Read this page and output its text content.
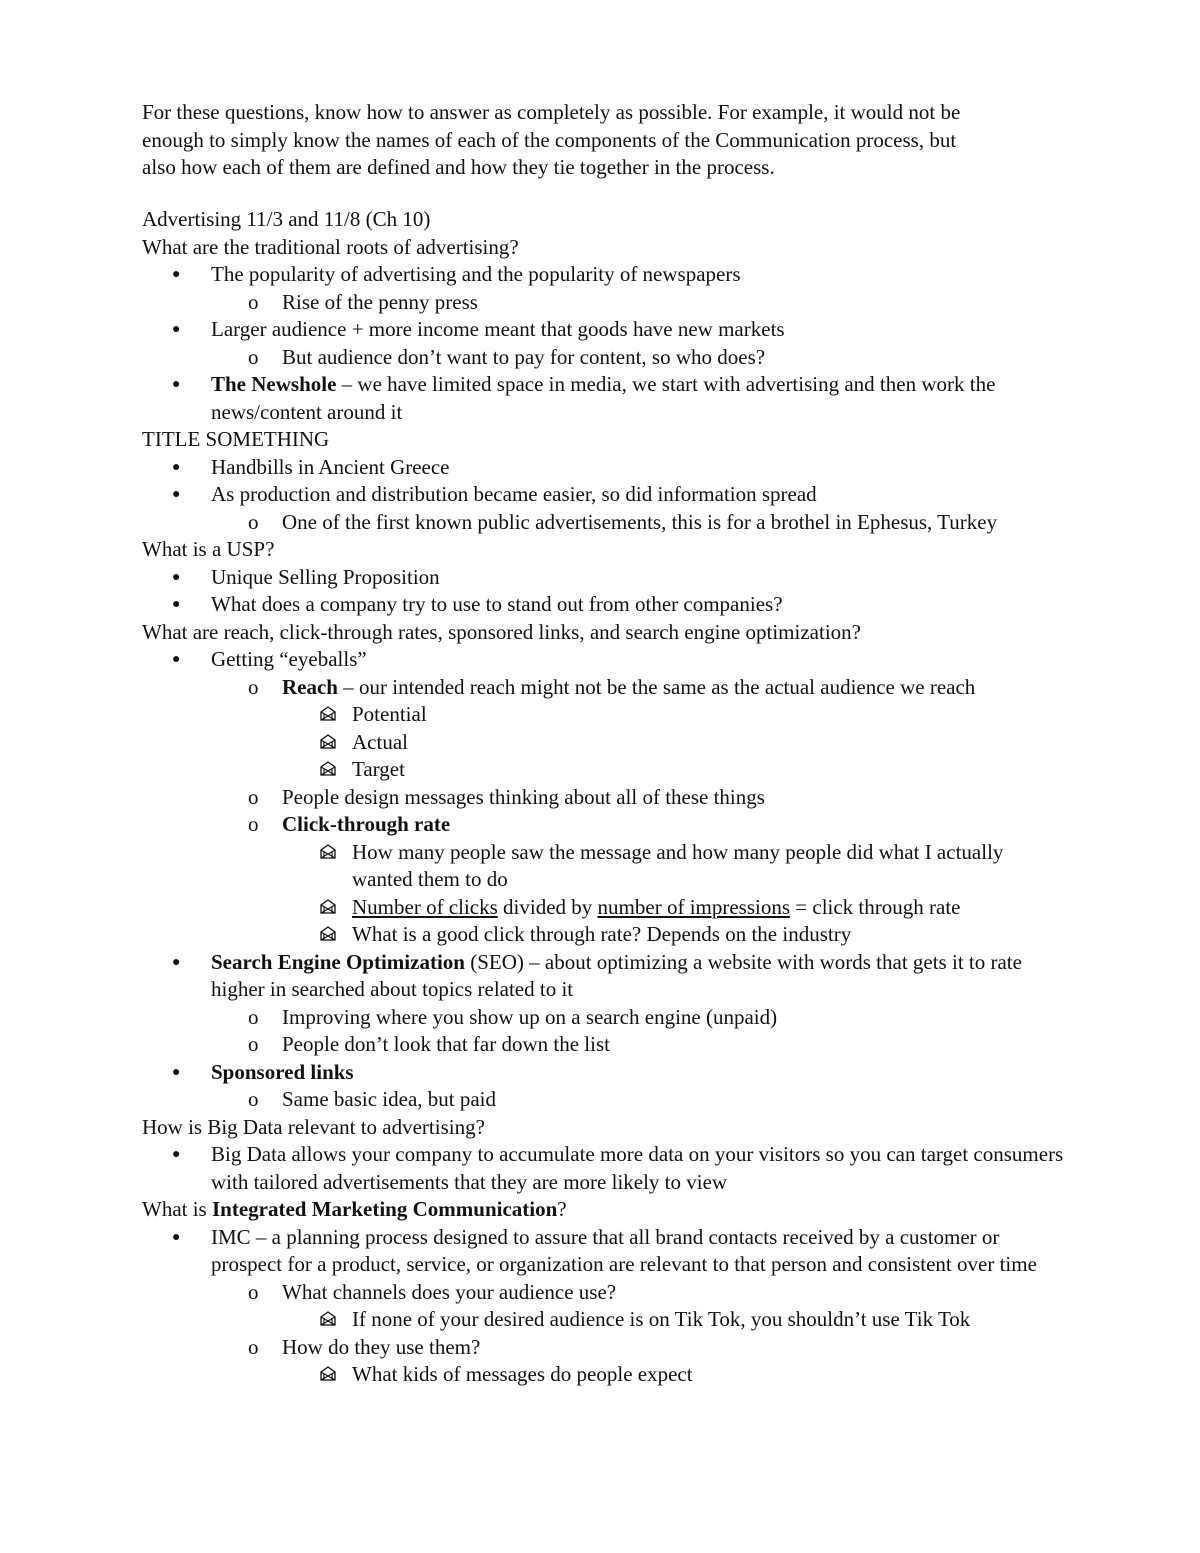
For these questions, know how to answer as completely as possible. For example, it would not be
enough to simply know the names of each of the components of the Communication process, but
also how each of them are defined and how they tie together in the process.

Advertising 11/3 and 11/8 (Ch 10)

What are the traditional roots of advertising?

● The popularity of advertising and the popularity of newspapers
o Rise of the penny press
● Larger audience + more income meant that goods have new markets
o But audience don’t want to pay for content, so who does?
● The Newshole – we have limited space in media, we start with advertising and then work the news/content around it

TITLE SOMETHING

● Handbills in Ancient Greece
● As production and distribution became easier, so did information spread
o One of the first known public advertisements, this is for a brothel in Ephesus, Turkey

What is a USP?

● Unique Selling Proposition
● What does a company try to use to stand out from other companies?

What are reach, click-through rates, sponsored links, and search engine optimization?

● Getting “eyeballs”
o Reach – our intended reach might not be the same as the actual audience we reach
Potential
Actual
Target
o People design messages thinking about all of these things
o Click-through rate
How many people saw the message and how many people did what I actually wanted them to do
Number of clicks divided by number of impressions = click through rate
What is a good click through rate? Depends on the industry
● Search Engine Optimization (SEO) – about optimizing a website with words that gets it to rate higher in searched about topics related to it
o Improving where you show up on a search engine (unpaid)
o People don’t look that far down the list
● Sponsored links
o Same basic idea, but paid

How is Big Data relevant to advertising?

● Big Data allows your company to accumulate more data on your visitors so you can target consumers with tailored advertisements that they are more likely to view

What is Integrated Marketing Communication?

● IMC – a planning process designed to assure that all brand contacts received by a customer or prospect for a product, service, or organization are relevant to that person and consistent over time
o What channels does your audience use?
If none of your desired audience is on Tik Tok, you shouldn’t use Tik Tok
o How do they use them?
What kids of messages do people expect
